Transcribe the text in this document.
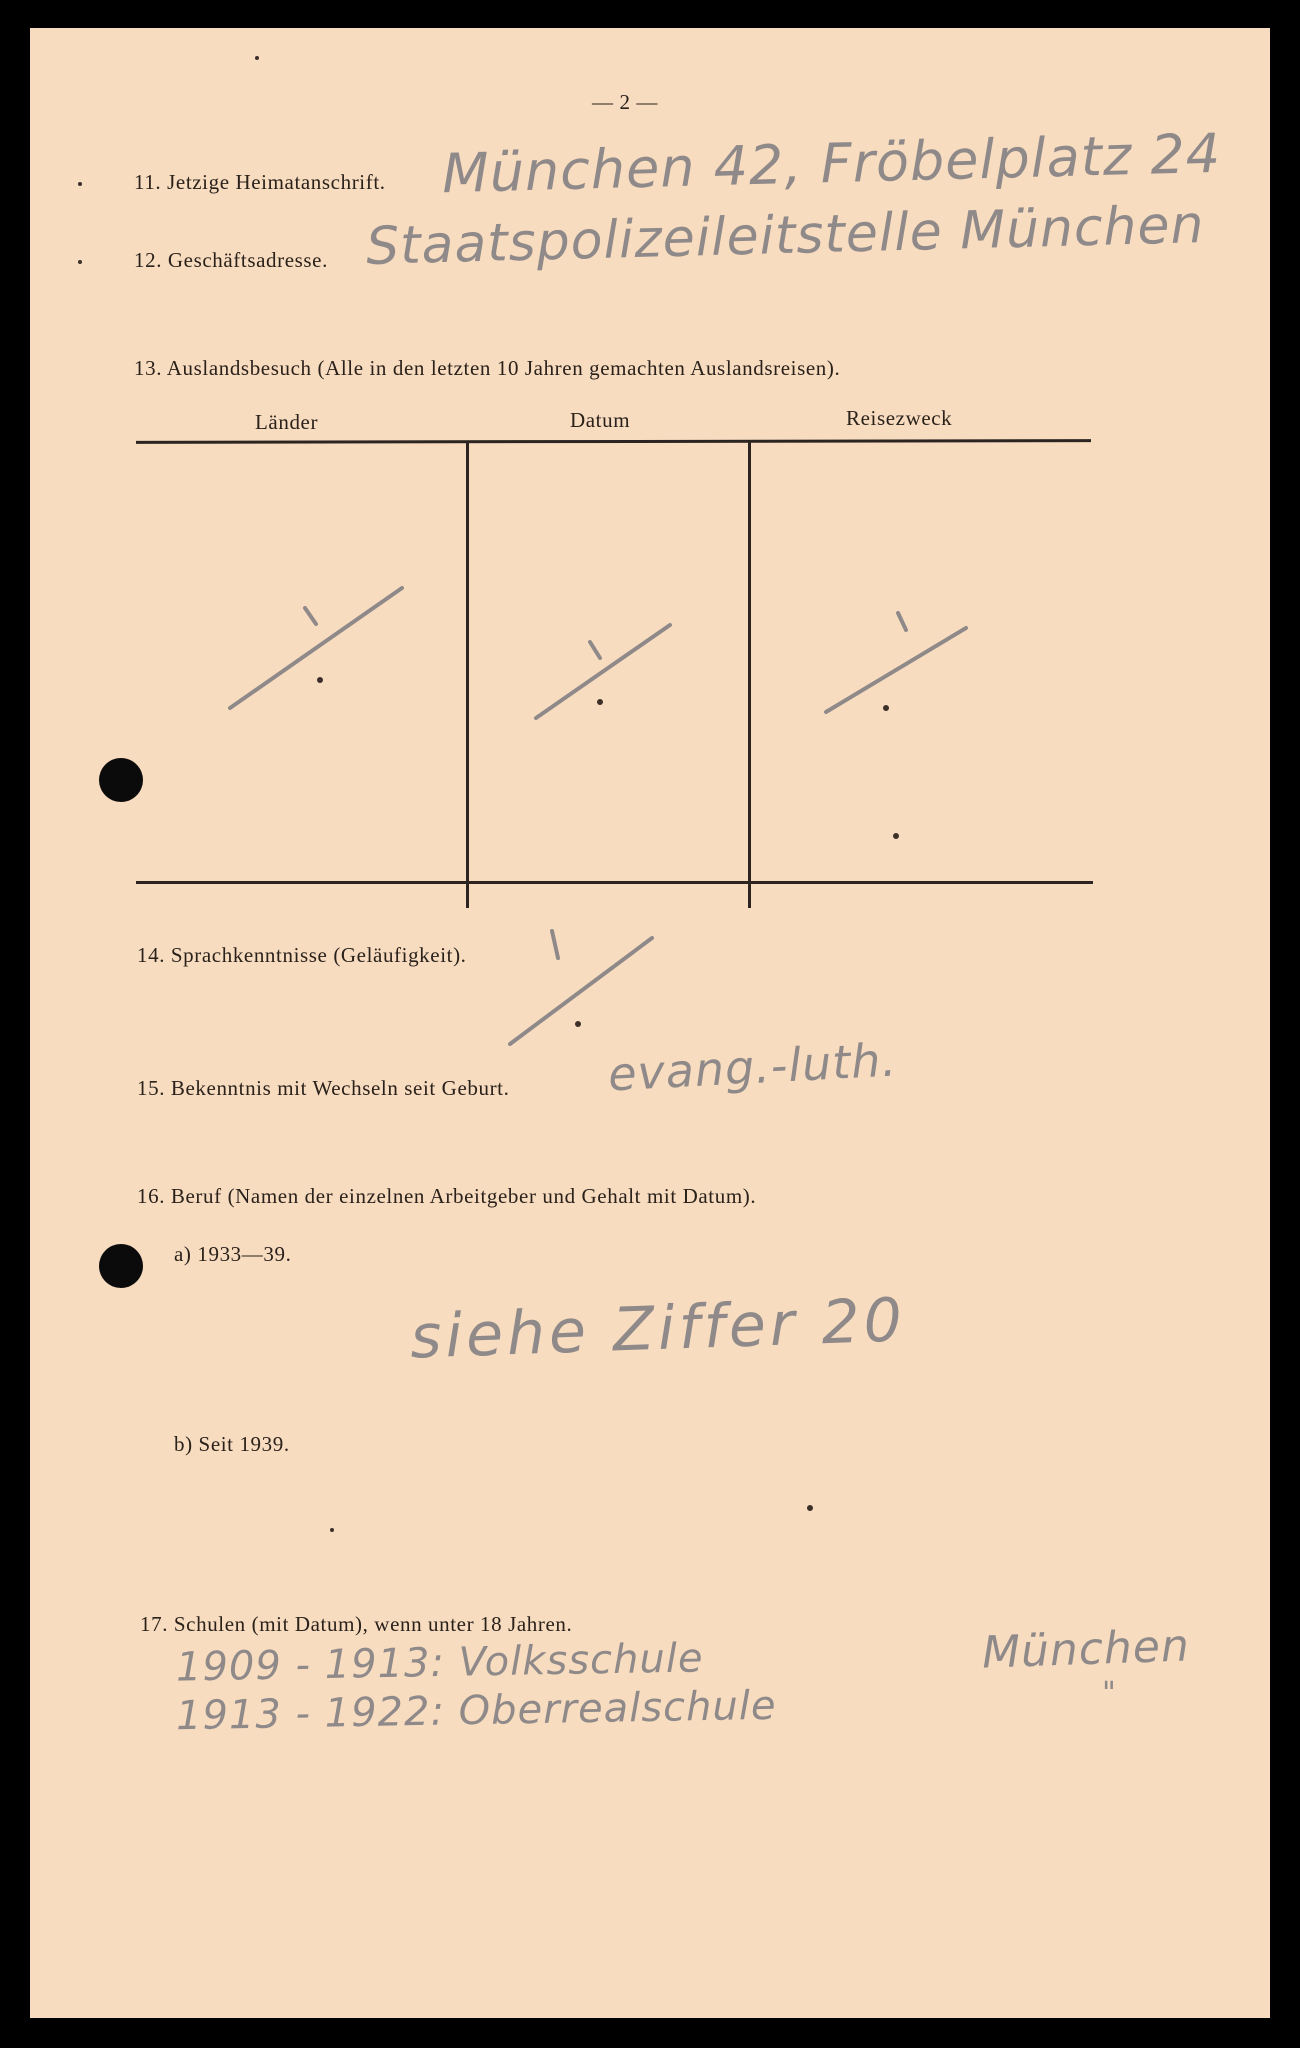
— 2 —
11. Jetzige Heimatanschrift. München 42, Fröbelplatz 24
12. Geschäftsadresse. Staatspolizeileitstelle München
13. Auslandsbesuch (Alle in den letzten 10 Jahren gemachten Auslandsreisen).
Länder	Datum	Reisezweck
14. Sprachkenntnisse (Geläufigkeit).
15. Bekenntnis mit Wechseln seit Geburt. evang.-luth.
16. Beruf (Namen der einzelnen Arbeitgeber und Gehalt mit Datum).
a) 1933—39.
siehe Ziffer 20
b) Seit 1939.
17. Schulen (mit Datum), wenn unter 18 Jahren.
1909 - 1913: Volksschule
1913 - 1922: Oberrealschule
München
"
